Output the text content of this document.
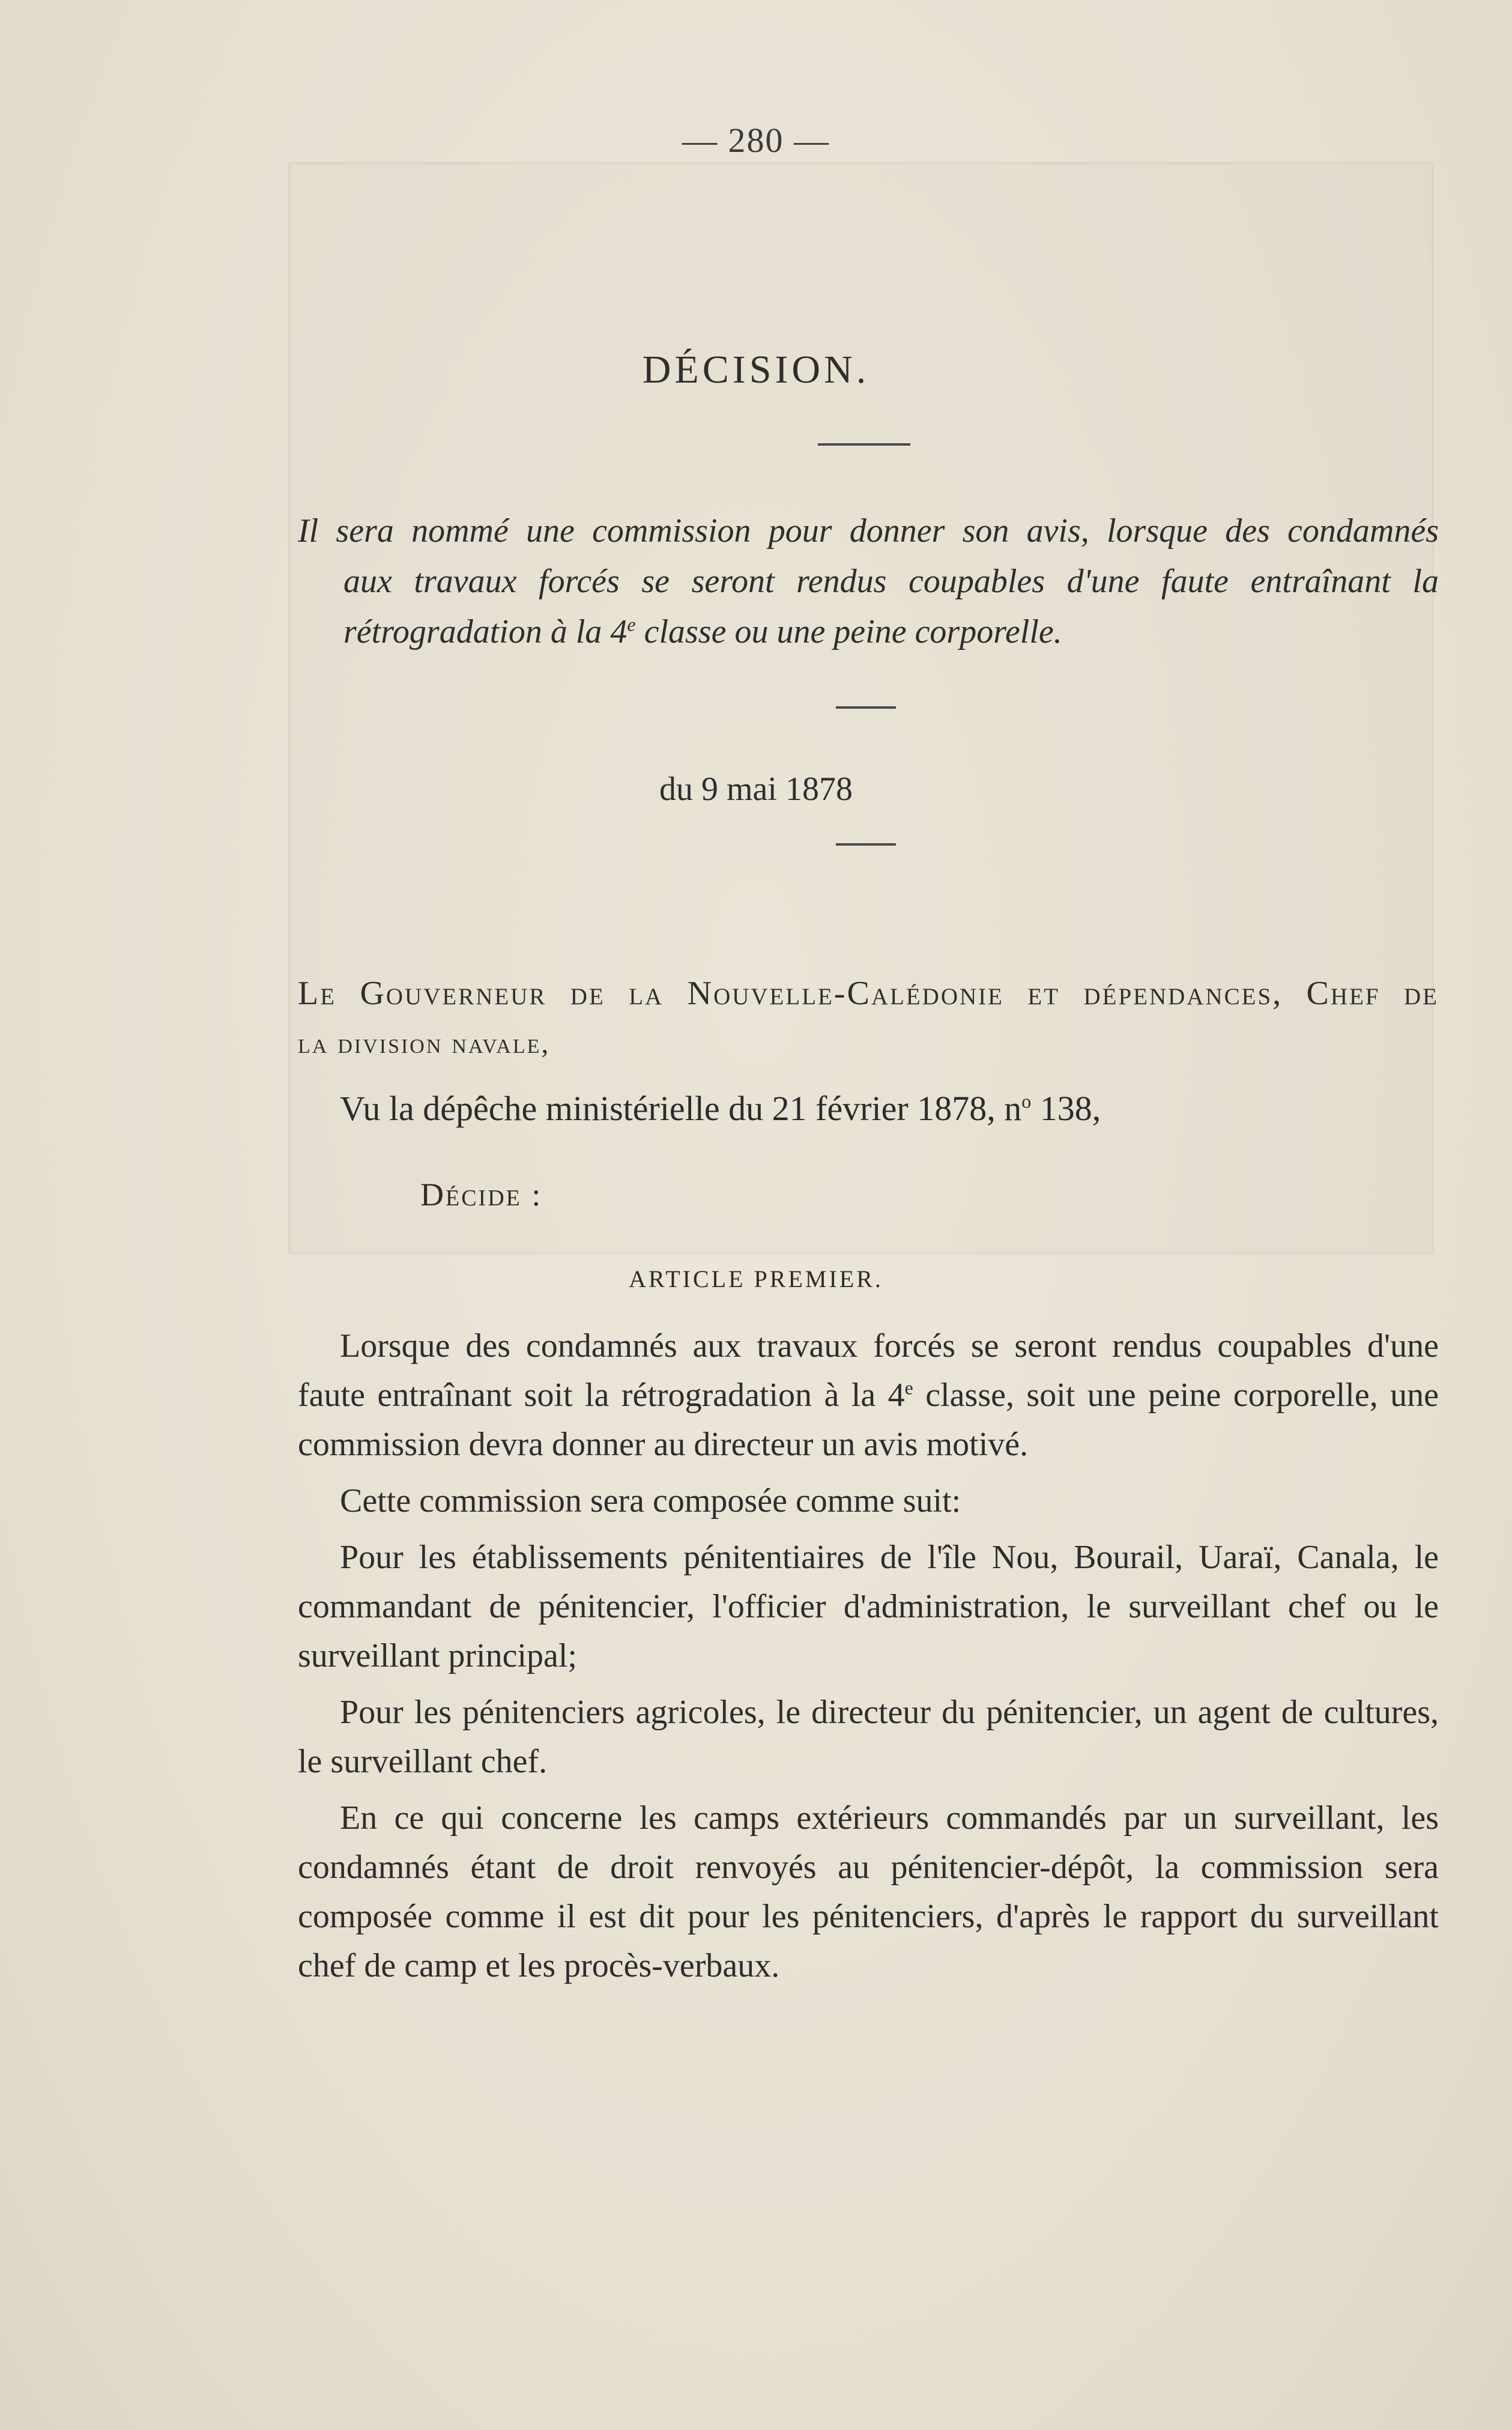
— 280 —
DÉCISION.
Il sera nommé une commission pour donner son avis, lorsque des condamnés
aux travaux forcés se seront rendus coupables d'une faute entraînant la
rétrogradation à la 4e classe ou une peine corporelle.
du 9 mai 1878
Le Gouverneur de la Nouvelle-Calédonie et dépendances, Chef de
la division navale,
Vu la dépêche ministérielle du 21 février 1878, $n^o$ 138,
Décide :
ARTICLE PREMIER.

Lorsque des condamnés aux travaux forcés se seront rendus coupables d'une faute entraînant soit la rétrogradation à la 4e classe, soit une peine corporelle, une commission devra donner au directeur un avis motivé.

Cette commission sera composée comme suit:

Pour les établissements pénitentiaires de l'île Nou, Bourail, Uaraï, Canala, le commandant de pénitencier, l'officier d'administration, le surveillant chef ou le surveillant principal;

Pour les pénitenciers agricoles, le directeur du pénitencier, un agent de cultures, le surveillant chef.

En ce qui concerne les camps extérieurs commandés par un surveillant, les condamnés étant de droit renvoyés au pénitencier-dépôt, la commission sera composée comme il est dit pour les pénitenciers, d'après le rapport du surveillant chef de camp et les procès-verbaux.
